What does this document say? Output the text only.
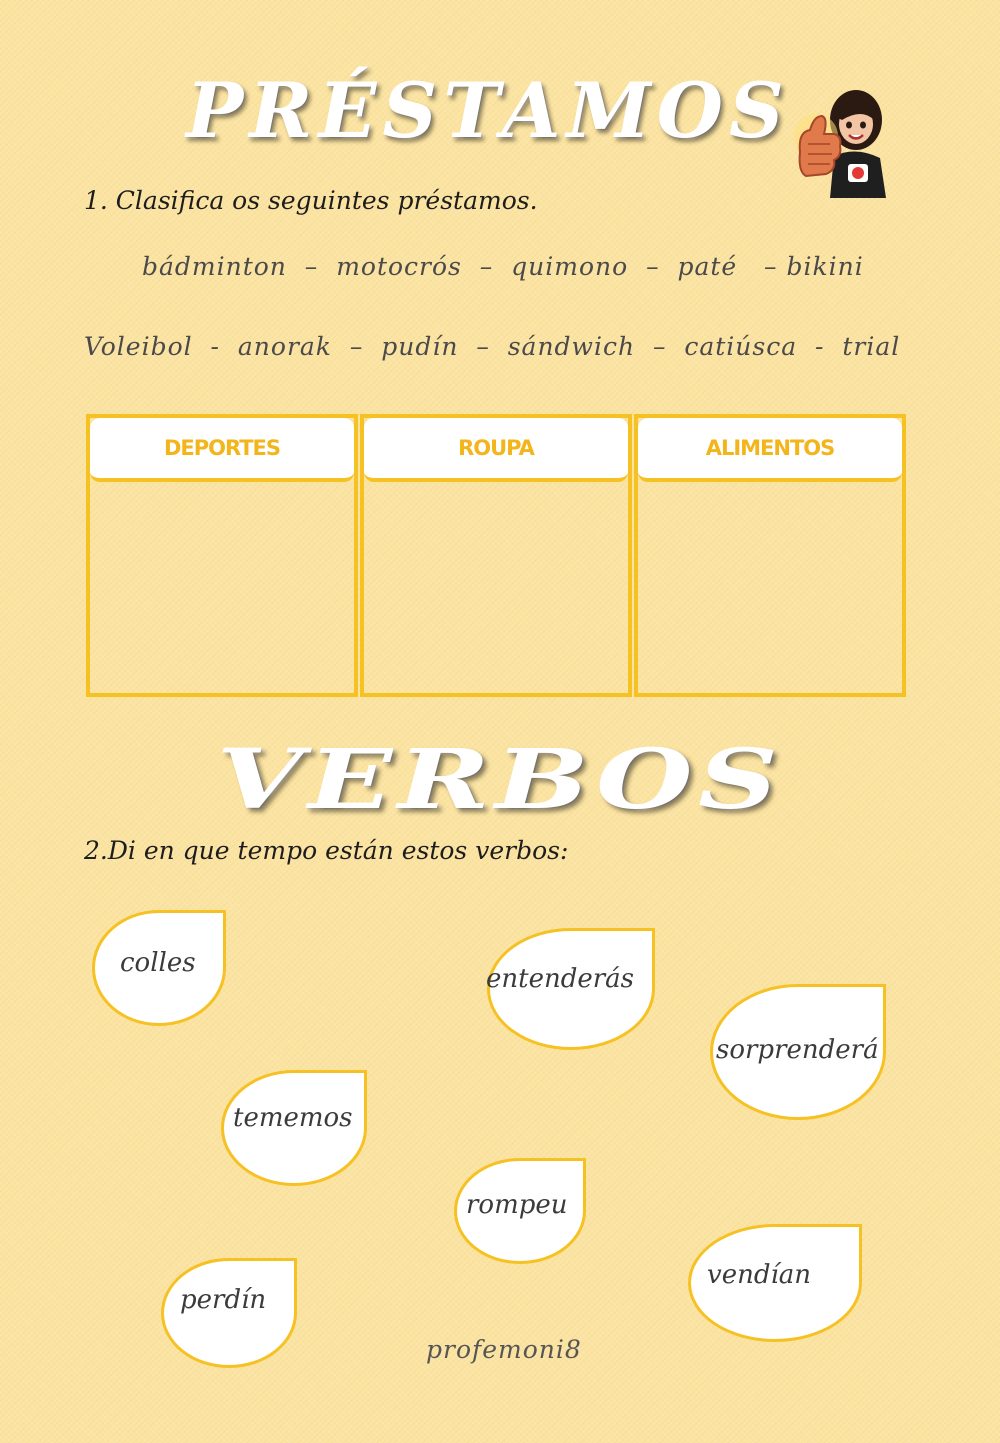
PRÉSTAMOS

1. Clasifica os seguintes préstamos.

bádminton  –  motocrós  –  quimono  –  paté   – bikini

Voleibol  -  anorak  –  pudín  –  sándwich  –  catiúsca  -  trial

DEPORTES	ROUPA	ALIMENTOS
VERBOS

2.Di en que tempo están estos verbos:

colles

entenderás

sorprenderá

tememos

rompeu

vendían

perdín

profemoni8
